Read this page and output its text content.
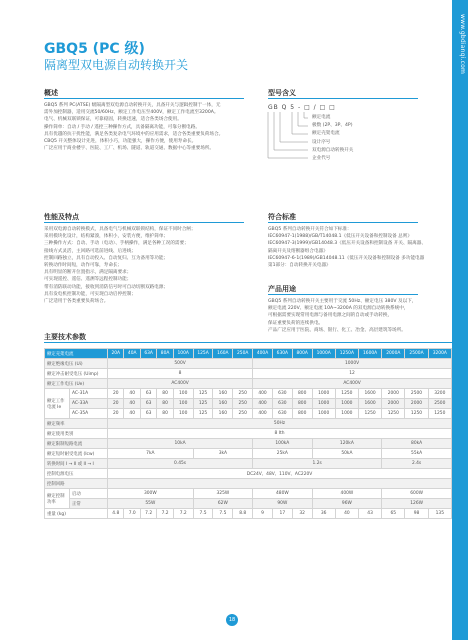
www.gbdianqi.com
GBQ5 (PC 级)
隔离型双电源自动转换开关
概述
GBQ5 系列 PC(ATSE) 级隔离型双电源自动转换开关，具备开关与逻辑控制于一体，无
需外加控制器，适用交流50/60Hz，额定工作电压至400V，额定工作电流至3200A。
电气、机械双联锁保证，可靠稳固，转换迅速，适合各类场合使用。
操作简单：自动 / 手动 / 遥控三种操作方式，具备隔离功能，可靠分断电路。
具有优越的抗干扰性能，满足各类复杂电气环境中的应用需求，适合各类重要负荷场合。
CBQ5 开关整体设计先进，体积小巧，功能强大，操作方便，使用寿命长。
广泛应用于商业楼宇、医院、工厂、机场、隧道、轨道交通、数据中心等重要场所。
型号含义
GB Q 5 - □ / □ □
额定电流
极数 (2P、3P、4P)
额定壳架电流
设计序号
双电源自动转换开关
企业代号
性能及特点
采用双电源自动转换模式，具备电气与机械双联锁结构，保证不同时合闸；
采用模块化设计，结构紧凑，体积小，安装方便，维护简单；
三种操作方式：自动、手动（电动）、手柄操作，满足各种工况的需要；
接线方式灵活，主回路可选前进线、后进线；
控制回路独立，具有自动投入、自动复归、互为备用等功能；
转换动作时间短，动作可靠，寿命长；
具有明显的断开位置指示，满足隔离要求；
可实现遥控、遥信、遥测等远程控制功能；
带有消防联动功能，接收到消防信号时可自动切断双路电源；
具有发电机控制功能，可实现自动启停控制；
广泛适用于各类重要负荷场合。
符合标准
GBQ5 系列自动转换开关符合如下标准：
IEC60947-1(1988)/GB/T14048.1《低压开关设备和控制设备 总则》
IEC60947-3(1999)/GB14048.3《低压开关设备和控制设备 开关、隔离器、隔离开关及熔断器组合电器》
IEC60947-6-1(1989)/GB14048.11《低压开关设备和控制设备 多功能电器 第1部分：自动转换开关电器》
产品用途
GBQ5 系列自动转换开关主要用于交流 50Hz、额定电压 380V 及以下，
额定电流 220V、额定电流 10A~3200A 的双电源自动转换系统中，
可根据需要实现常用电源与备用电源之间的自动或手动转换，
保证重要负荷的连续供电。
产品广泛应用于医院、商场、银行、化工、冶金、高层建筑等场所。
主要技术参数
额定壳架电流		20A	40A	63A	80A	100A	125A	160A	250A	400A	630A	800A	1000A	1250A	1600A	2000A	2500A	3200A
额定绝缘电压 (Ui)		500V								1000V								
额定冲击耐受电压 (Uimp)		8								12								
额定工作电压 (Ue)		AC400V								AC400V								
额定工作电流 Ie	AC-31A	20	40	63	80	100	125	160	250	400	630	800	1000	1250	1600	2000	2500	3200
	AC-33A	20	40	63	80	100	125	160	250	400	630	800	1000	1000	1600	2000	2000	2500
	AC-35A	20	40	63	80	100	125	160	250	400	630	800	1000	1000	1250	1250	1250	1250
额定频率		50Hz																
额定使用类别		8 Ith																
额定限制短路电流		10kA								100kA			120kA			80kA		
额定短时耐受电流 (Icw)		7kA					3kA			25kA			50kA			55kA		
转换时间 I → II 或 II → I		0.45s								1.2s						2.4s		
控制电源电压		DC24V、48V、110V、AC220V																
控制回路																		
额定控制功率	启动	300W					325W			480W			400W			600W		
	正常	55W					62W			90W			96W			126W		
重量 (kg)		4.8	7.0	7.2	7.2	7.2	7.5	7.5	8.8	9	17	32	36	40	43	65	98	135
18
